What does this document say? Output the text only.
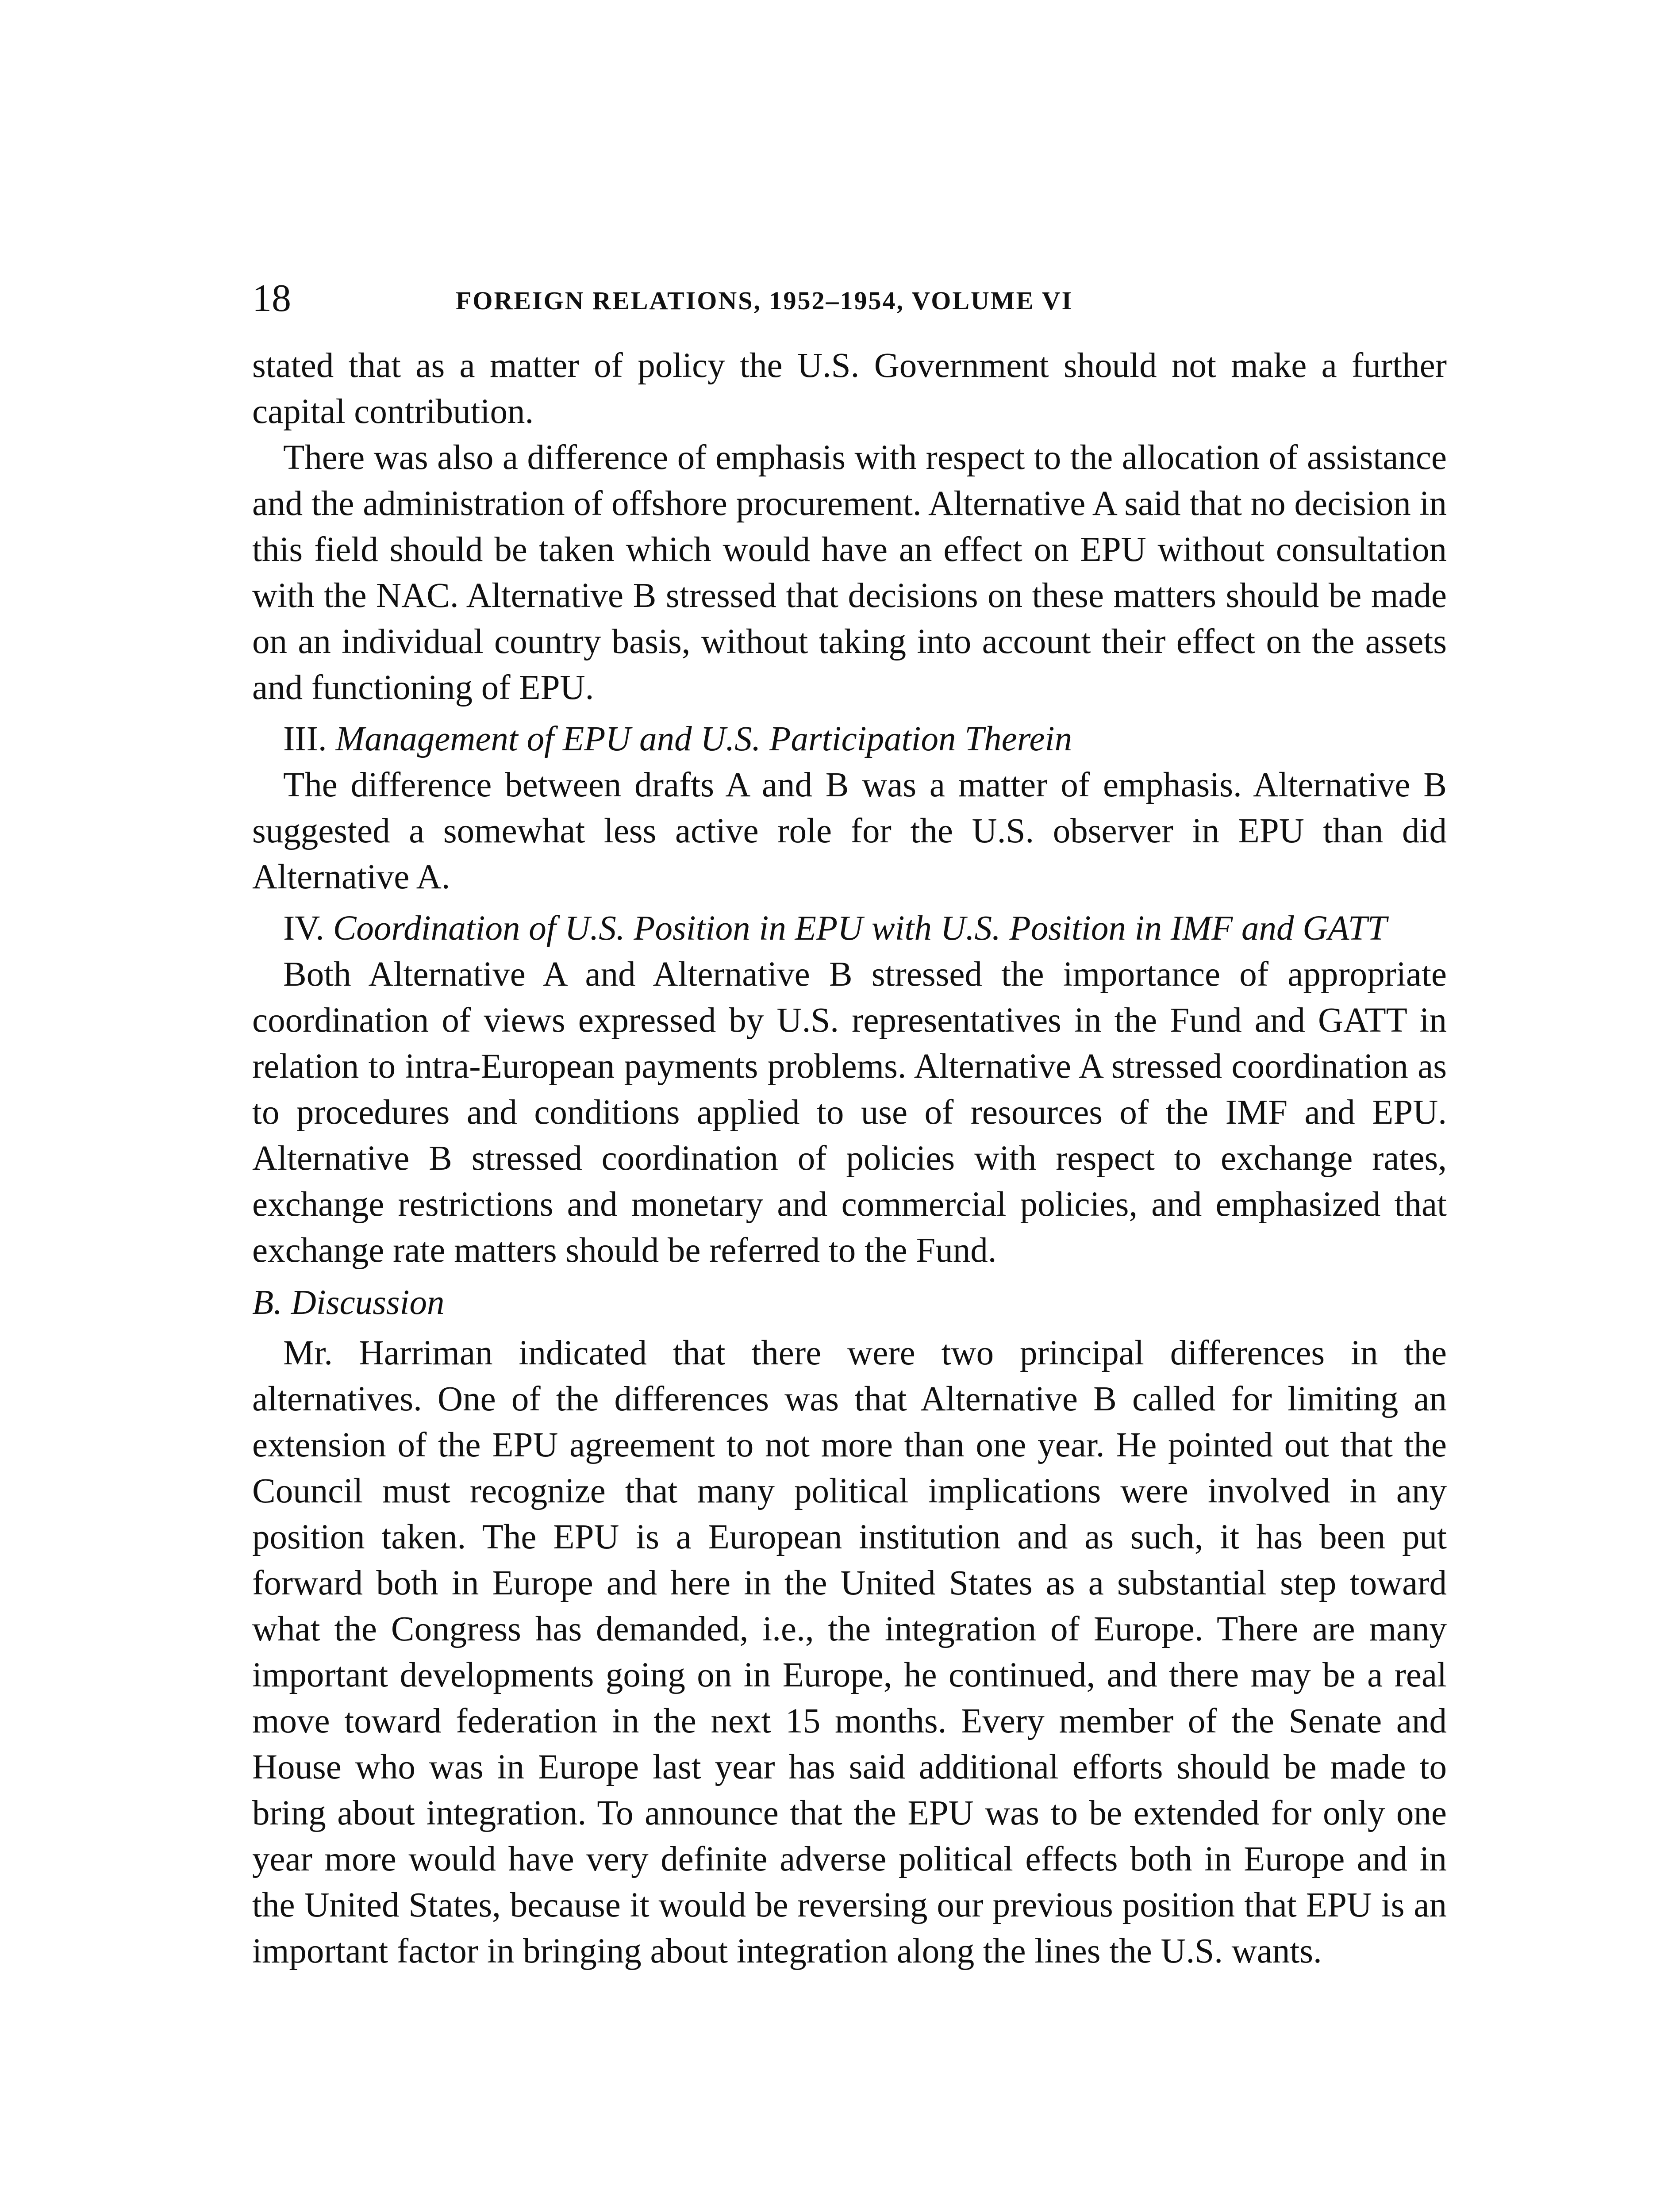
18	FOREIGN RELATIONS, 1952–1954, VOLUME VI

stated that as a matter of policy the U.S. Government should not make a further capital contribution.

There was also a difference of emphasis with respect to the allocation of assistance and the administration of offshore procurement. Alternative A said that no decision in this field should be taken which would have an effect on EPU without consultation with the NAC. Alternative B stressed that decisions on these matters should be made on an individual country basis, without taking into account their effect on the assets and functioning of EPU.

III. Management of EPU and U.S. Participation Therein

The difference between drafts A and B was a matter of emphasis. Alternative B suggested a somewhat less active role for the U.S. observer in EPU than did Alternative A.

IV. Coordination of U.S. Position in EPU with U.S. Position in IMF and GATT

Both Alternative A and Alternative B stressed the importance of appropriate coordination of views expressed by U.S. representatives in the Fund and GATT in relation to intra-European payments problems. Alternative A stressed coordination as to procedures and conditions applied to use of resources of the IMF and EPU. Alternative B stressed coordination of policies with respect to exchange rates, exchange restrictions and monetary and commercial policies, and emphasized that exchange rate matters should be referred to the Fund.

B. Discussion

Mr. Harriman indicated that there were two principal differences in the alternatives. One of the differences was that Alternative B called for limiting an extension of the EPU agreement to not more than one year. He pointed out that the Council must recognize that many political implications were involved in any position taken. The EPU is a European institution and as such, it has been put forward both in Europe and here in the United States as a substantial step toward what the Congress has demanded, i.e., the integration of Europe. There are many important developments going on in Europe, he continued, and there may be a real move toward federation in the next 15 months. Every member of the Senate and House who was in Europe last year has said additional efforts should be made to bring about integration. To announce that the EPU was to be extended for only one year more would have very definite adverse political effects both in Europe and in the United States, because it would be reversing our previous position that EPU is an important factor in bringing about integration along the lines the U.S. wants.
